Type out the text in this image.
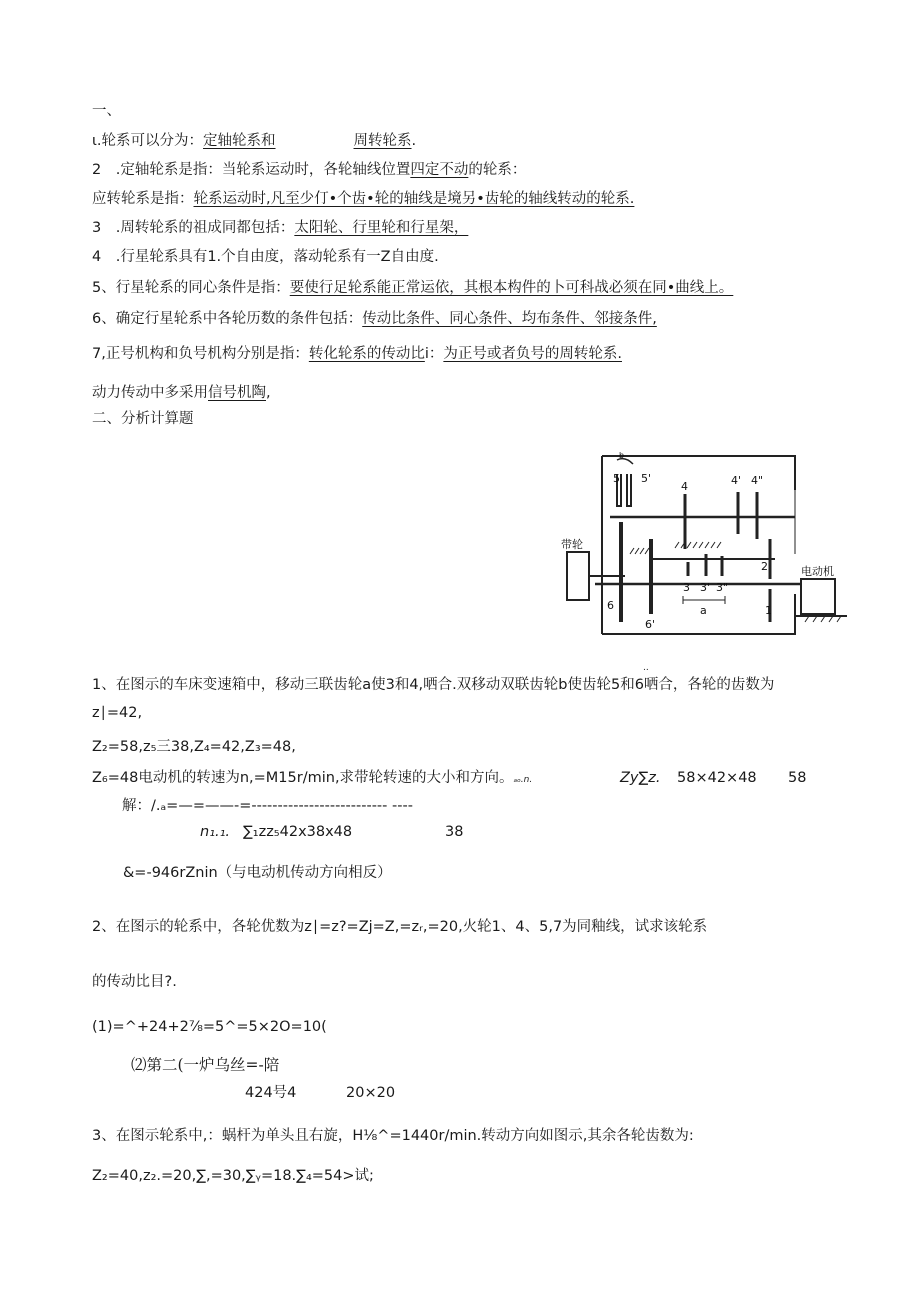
一、
ι.轮系可以分为：定轴轮系和	周转轮系.
2　.定轴轮系是指：当轮系运动时，各轮轴线位置四定不动的轮系：
应转轮系是指：轮系运动时,凡至少仃•个齿•轮的轴线是境另•齿轮的轴线转动的轮系.
3　.周转轮系的祖成同都包括：太阳轮、行里轮和行星架，
4　.行星轮系具有1.个自由度，落动轮系有一Z自由度.
5、行星轮系的同心条件是指：要使行足轮系能正常运依，其根本构件的卜可科战必须在同•曲线上。
6、确定行星轮系中各轮历数的条件包括：传动比条件、同心条件、均布条件、邻接条件,
7,正号机构和负号机构分别是指：转化轮系的传动比i：为正号或者负号的周转轮系.
动力传动中多采用信号机陶,
二、分析计算题
5 5'
4	4' 4"
带轮
2	电动机
3 3' 3"
a
6
6'
1
b
..
1、在图示的车床变速箱中，移动三联齿轮a使3和4,哂合.双移动双联齿轮b使齿轮5和6哂合，各轮的齿数为
z∣=42,
Z₂=58,z₅三38,Z₄=42,Z₃=48,
Z₆=48电动机的转速为n,=M15r∕min,求带轮转速的大小和方向。ₐₒ.n.	Zy∑z. 58×42×48 58
解：/.ₐ=—=——-=-------------------------- ----
n₁.₁. ∑₁zz₅42x38x48	38
&=-946rZnin（与电动机传动方向相反）
2、在图示的轮系中，各轮优数为z∣=z?=Zj=Z,=zᵣ,=20,火轮1、4、5,7为同釉线，试求该轮系
的传动比目?.
(1)=^+24+2⅞=5^=5×2O=10(
⑵第二(一炉乌丝=-陪
424号4	20×20
3、在图示轮系中,：蜗杆为单头且右旋，H⅛^=1440r∕min.转动方向如图示,其余各轮齿数为:
Z₂=40,z₂.=20,∑,=30,∑ᵧ=18.∑₄=54>试;
